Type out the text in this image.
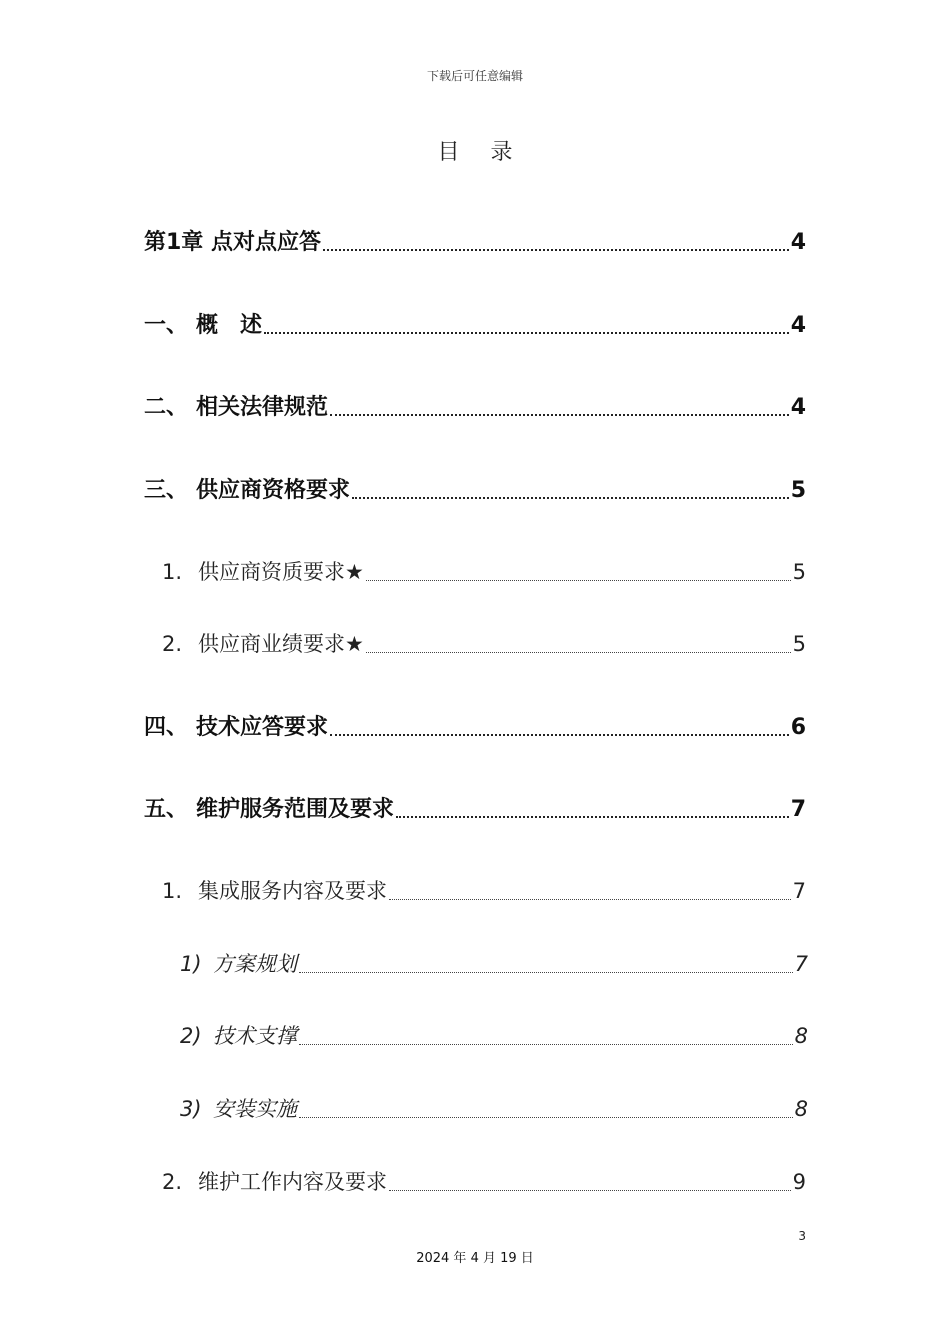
下载后可任意编辑
目 录
第1章 点对点应答	4
一、 概　述	4
二、 相关法律规范	4
三、 供应商资格要求	5
1. 供应商资质要求★	5
2. 供应商业绩要求★	5
四、 技术应答要求	6
五、 维护服务范围及要求	7
1. 集成服务内容及要求	7
1) 方案规划	7
2) 技术支撑	8
3) 安装实施	8
2. 维护工作内容及要求	9
3
2024 年 4 月 19 日
